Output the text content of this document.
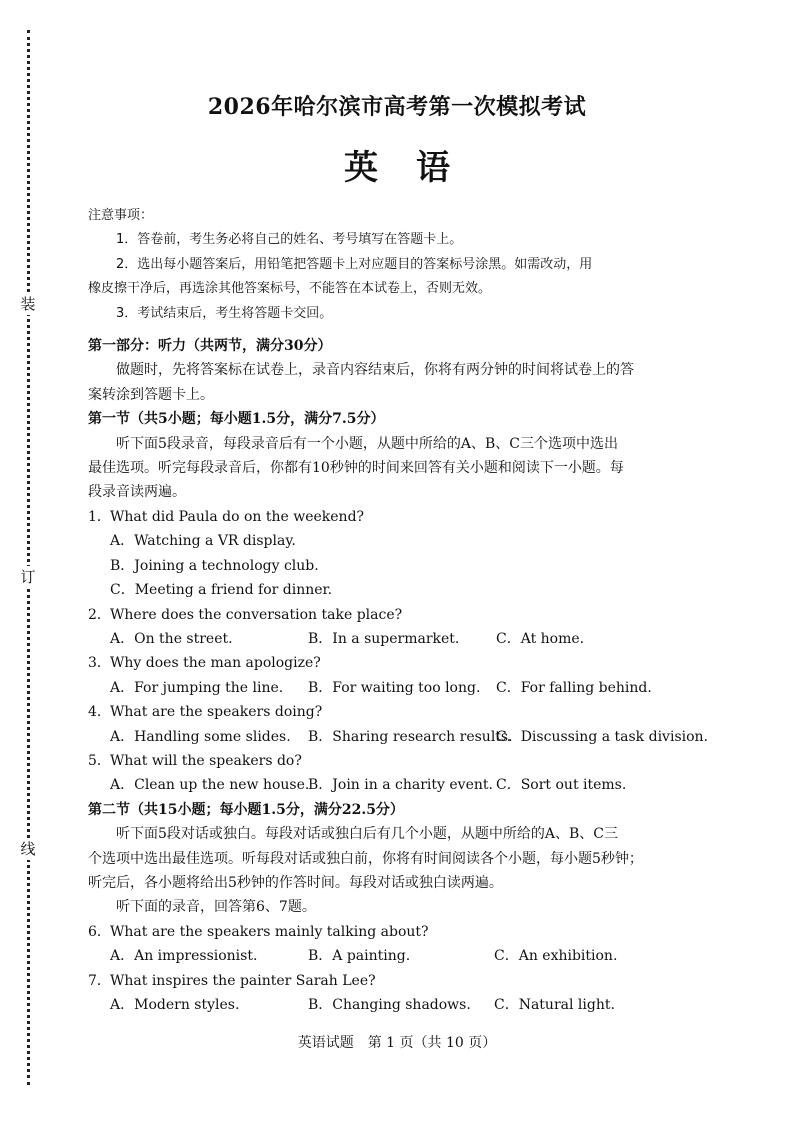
装
订
线
2026年哈尔滨市高考第一次模拟考试
英语
注意事项：
1．答卷前，考生务必将自己的姓名、考号填写在答题卡上。
2．选出每小题答案后，用铅笔把答题卡上对应题目的答案标号涂黑。如需改动，用
橡皮擦干净后，再选涂其他答案标号，不能答在本试卷上，否则无效。
3．考试结束后，考生将答题卡交回。
第一部分：听力（共两节，满分30分）
做题时，先将答案标在试卷上，录音内容结束后，你将有两分钟的时间将试卷上的答
案转涂到答题卡上。
第一节（共5小题；每小题1.5分，满分7.5分）
听下面5段录音，每段录音后有一个小题，从题中所给的A、B、C三个选项中选出
最佳选项。听完每段录音后，你都有10秒钟的时间来回答有关小题和阅读下一小题。每
段录音读两遍。
1．What did Paula do on the weekend?
A．Watching a VR display.
B．Joining a technology club.
C．Meeting a friend for dinner.
2．Where does the conversation take place?
A．On the street.	B．In a supermarket.	C．At home.
3．Why does the man apologize?
A．For jumping the line.	B．For waiting too long.	C．For falling behind.
4．What are the speakers doing?
A．Handling some slides.	B．Sharing research results.
C．Discussing a task division.
5．What will the speakers do?
A．Clean up the new house.
B．Join in a charity event. C．Sort out items.
第二节（共15小题；每小题1.5分，满分22.5分）
听下面5段对话或独白。每段对话或独白后有几个小题，从题中所给的A、B、C三
个选项中选出最佳选项。听每段对话或独白前，你将有时间阅读各个小题，每小题5秒钟；
听完后，各小题将给出5秒钟的作答时间。每段对话或独白读两遍。
听下面的录音，回答第6、7题。
6．What are the speakers mainly talking about?
A．An impressionist.	B．A painting.	C．An exhibition.
7．What inspires the painter Sarah Lee?
A．Modern styles.	B．Changing shadows.	C．Natural light.

英语试题　第 1 页（共 10 页）
